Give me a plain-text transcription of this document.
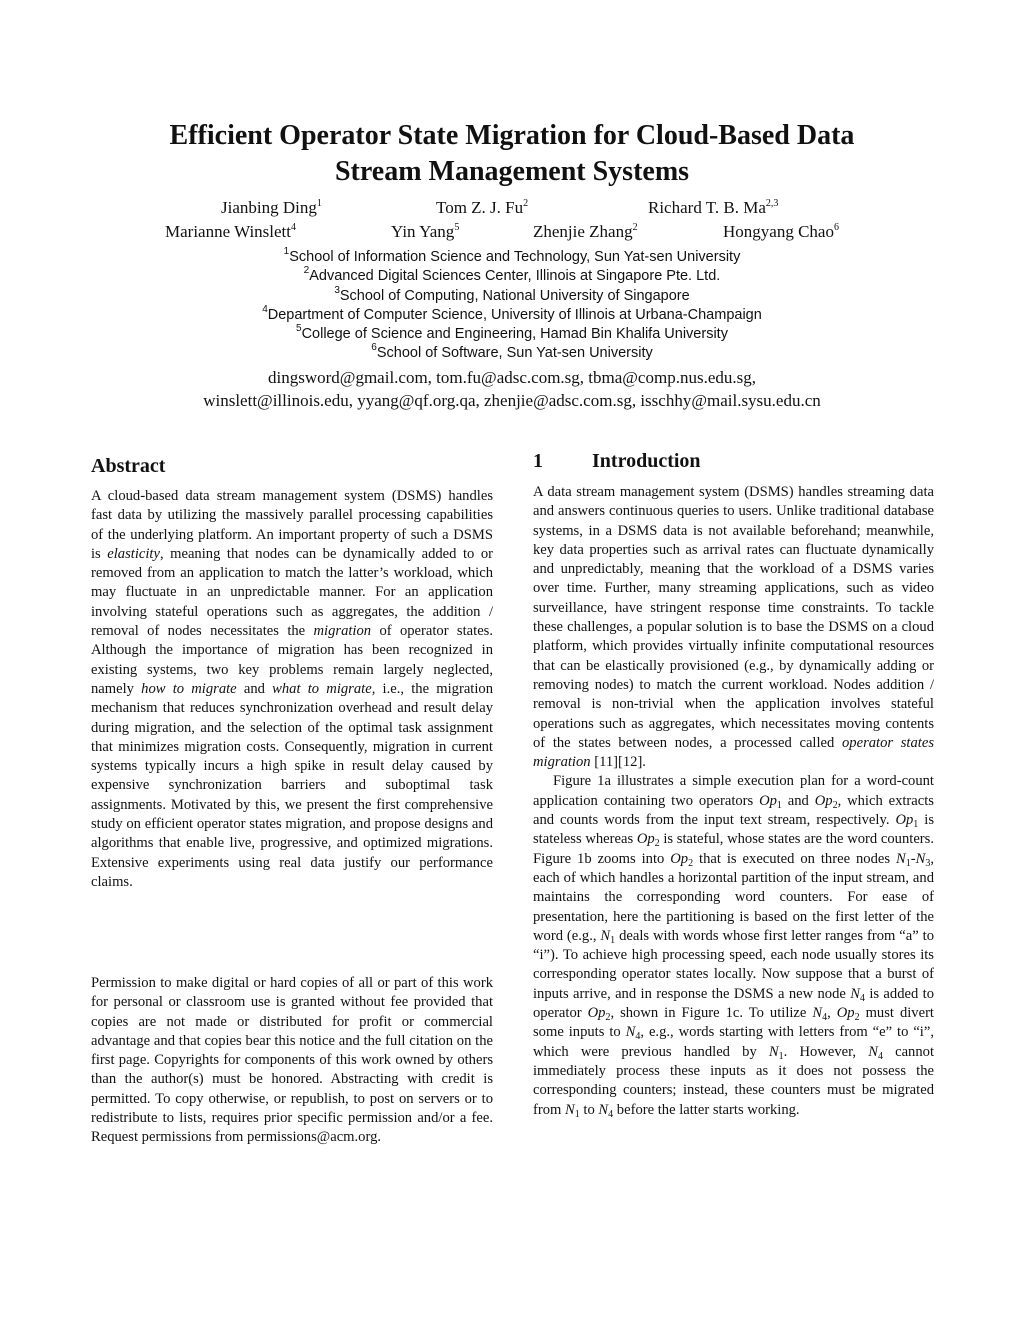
Efficient Operator State Migration for Cloud-Based Data
Stream Management Systems
Jianbing Ding$^1$	Tom Z. J. Fu$^2$	Richard T. B. Ma$^{2,3}$
Marianne Winslett$^4$	Yin Yang$^5$	Zhenjie Zhang$^2$	Hongyang Chao$^6$
$^1$School of Information Science and Technology, Sun Yat-sen University
$^2$Advanced Digital Sciences Center, Illinois at Singapore Pte. Ltd.
$^3$School of Computing, National University of Singapore
$^4$Department of Computer Science, University of Illinois at Urbana-Champaign
$^5$College of Science and Engineering, Hamad Bin Khalifa University
$^6$School of Software, Sun Yat-sen University
dingsword@gmail.com, tom.fu@adsc.com.sg, tbma@comp.nus.edu.sg,
winslett@illinois.edu, yyang@qf.org.qa, zhenjie@adsc.com.sg, isschhy@mail.sysu.edu.cn
Abstract

A cloud-based data stream management system (DSMS) handles fast data by utilizing the massively parallel processing capabilities of the underlying platform. An important property of such a DSMS is elasticity, meaning that nodes can be dynamically added to or removed from an application to match the latter’s workload, which may fluctuate in an unpredictable manner. For an application involving stateful operations such as aggregates, the addition / removal of nodes necessitates the migration of operator states. Although the importance of migration has been recognized in existing systems, two key problems remain largely neglected, namely how to migrate and what to migrate, i.e., the migration mechanism that reduces synchronization overhead and result delay during migration, and the selection of the optimal task assignment that minimizes migration costs. Consequently, migration in current systems typically incurs a high spike in result delay caused by expensive synchronization barriers and suboptimal task assignments. Motivated by this, we present the first comprehensive study on efficient operator states migration, and propose designs and algorithms that enable live, progressive, and optimized migrations. Extensive experiments using real data justify our performance claims.

Permission to make digital or hard copies of all or part of this work for personal or classroom use is granted without fee provided that copies are not made or distributed for profit or commercial advantage and that copies bear this notice and the full citation on the first page. Copyrights for components of this work owned by others than the author(s) must be honored. Abstracting with credit is permitted. To copy otherwise, or republish, to post on servers or to redistribute to lists, requires prior specific permission and/or a fee. Request permissions from permissions@acm.org.

1 Introduction

A data stream management system (DSMS) handles streaming data and answers continuous queries to users. Unlike traditional database systems, in a DSMS data is not available beforehand; meanwhile, key data properties such as arrival rates can fluctuate dynamically and unpredictably, meaning that the workload of a DSMS varies over time. Further, many streaming applications, such as video surveillance, have stringent response time constraints. To tackle these challenges, a popular solution is to base the DSMS on a cloud platform, which provides virtually infinite computational resources that can be elastically provisioned (e.g., by dynamically adding or removing nodes) to match the current workload. Nodes addition / removal is non-trivial when the application involves stateful operations such as aggregates, which necessitates moving contents of the states between nodes, a processed called operator states migration [11][12].

Figure 1a illustrates a simple execution plan for a word-count application containing two operators $Op_1$ and $Op_2$, which extracts and counts words from the input text stream, respectively. $Op_1$ is stateless whereas $Op_2$ is stateful, whose states are the word counters. Figure 1b zooms into $Op_2$ that is executed on three nodes $N_1-N_3$, each of which handles a horizontal partition of the input stream, and maintains the corresponding word counters. For ease of presentation, here the partitioning is based on the first letter of the word (e.g., $N_1$ deals with words whose first letter ranges from “a” to “i”). To achieve high processing speed, each node usually stores its corresponding operator states locally. Now suppose that a burst of inputs arrive, and in response the DSMS a new node $N_4$ is added to operator $Op_2$, shown in Figure 1c. To utilize $N_4$, $Op_2$ must divert some inputs to $N_4$, e.g., words starting with letters from “e” to “i”, which were previous handled by $N_1$. However, $N_4$ cannot immediately process these inputs as it does not possess the corresponding counters; instead, these counters must be migrated from $N_1$ to $N_4$ before the latter starts working.
